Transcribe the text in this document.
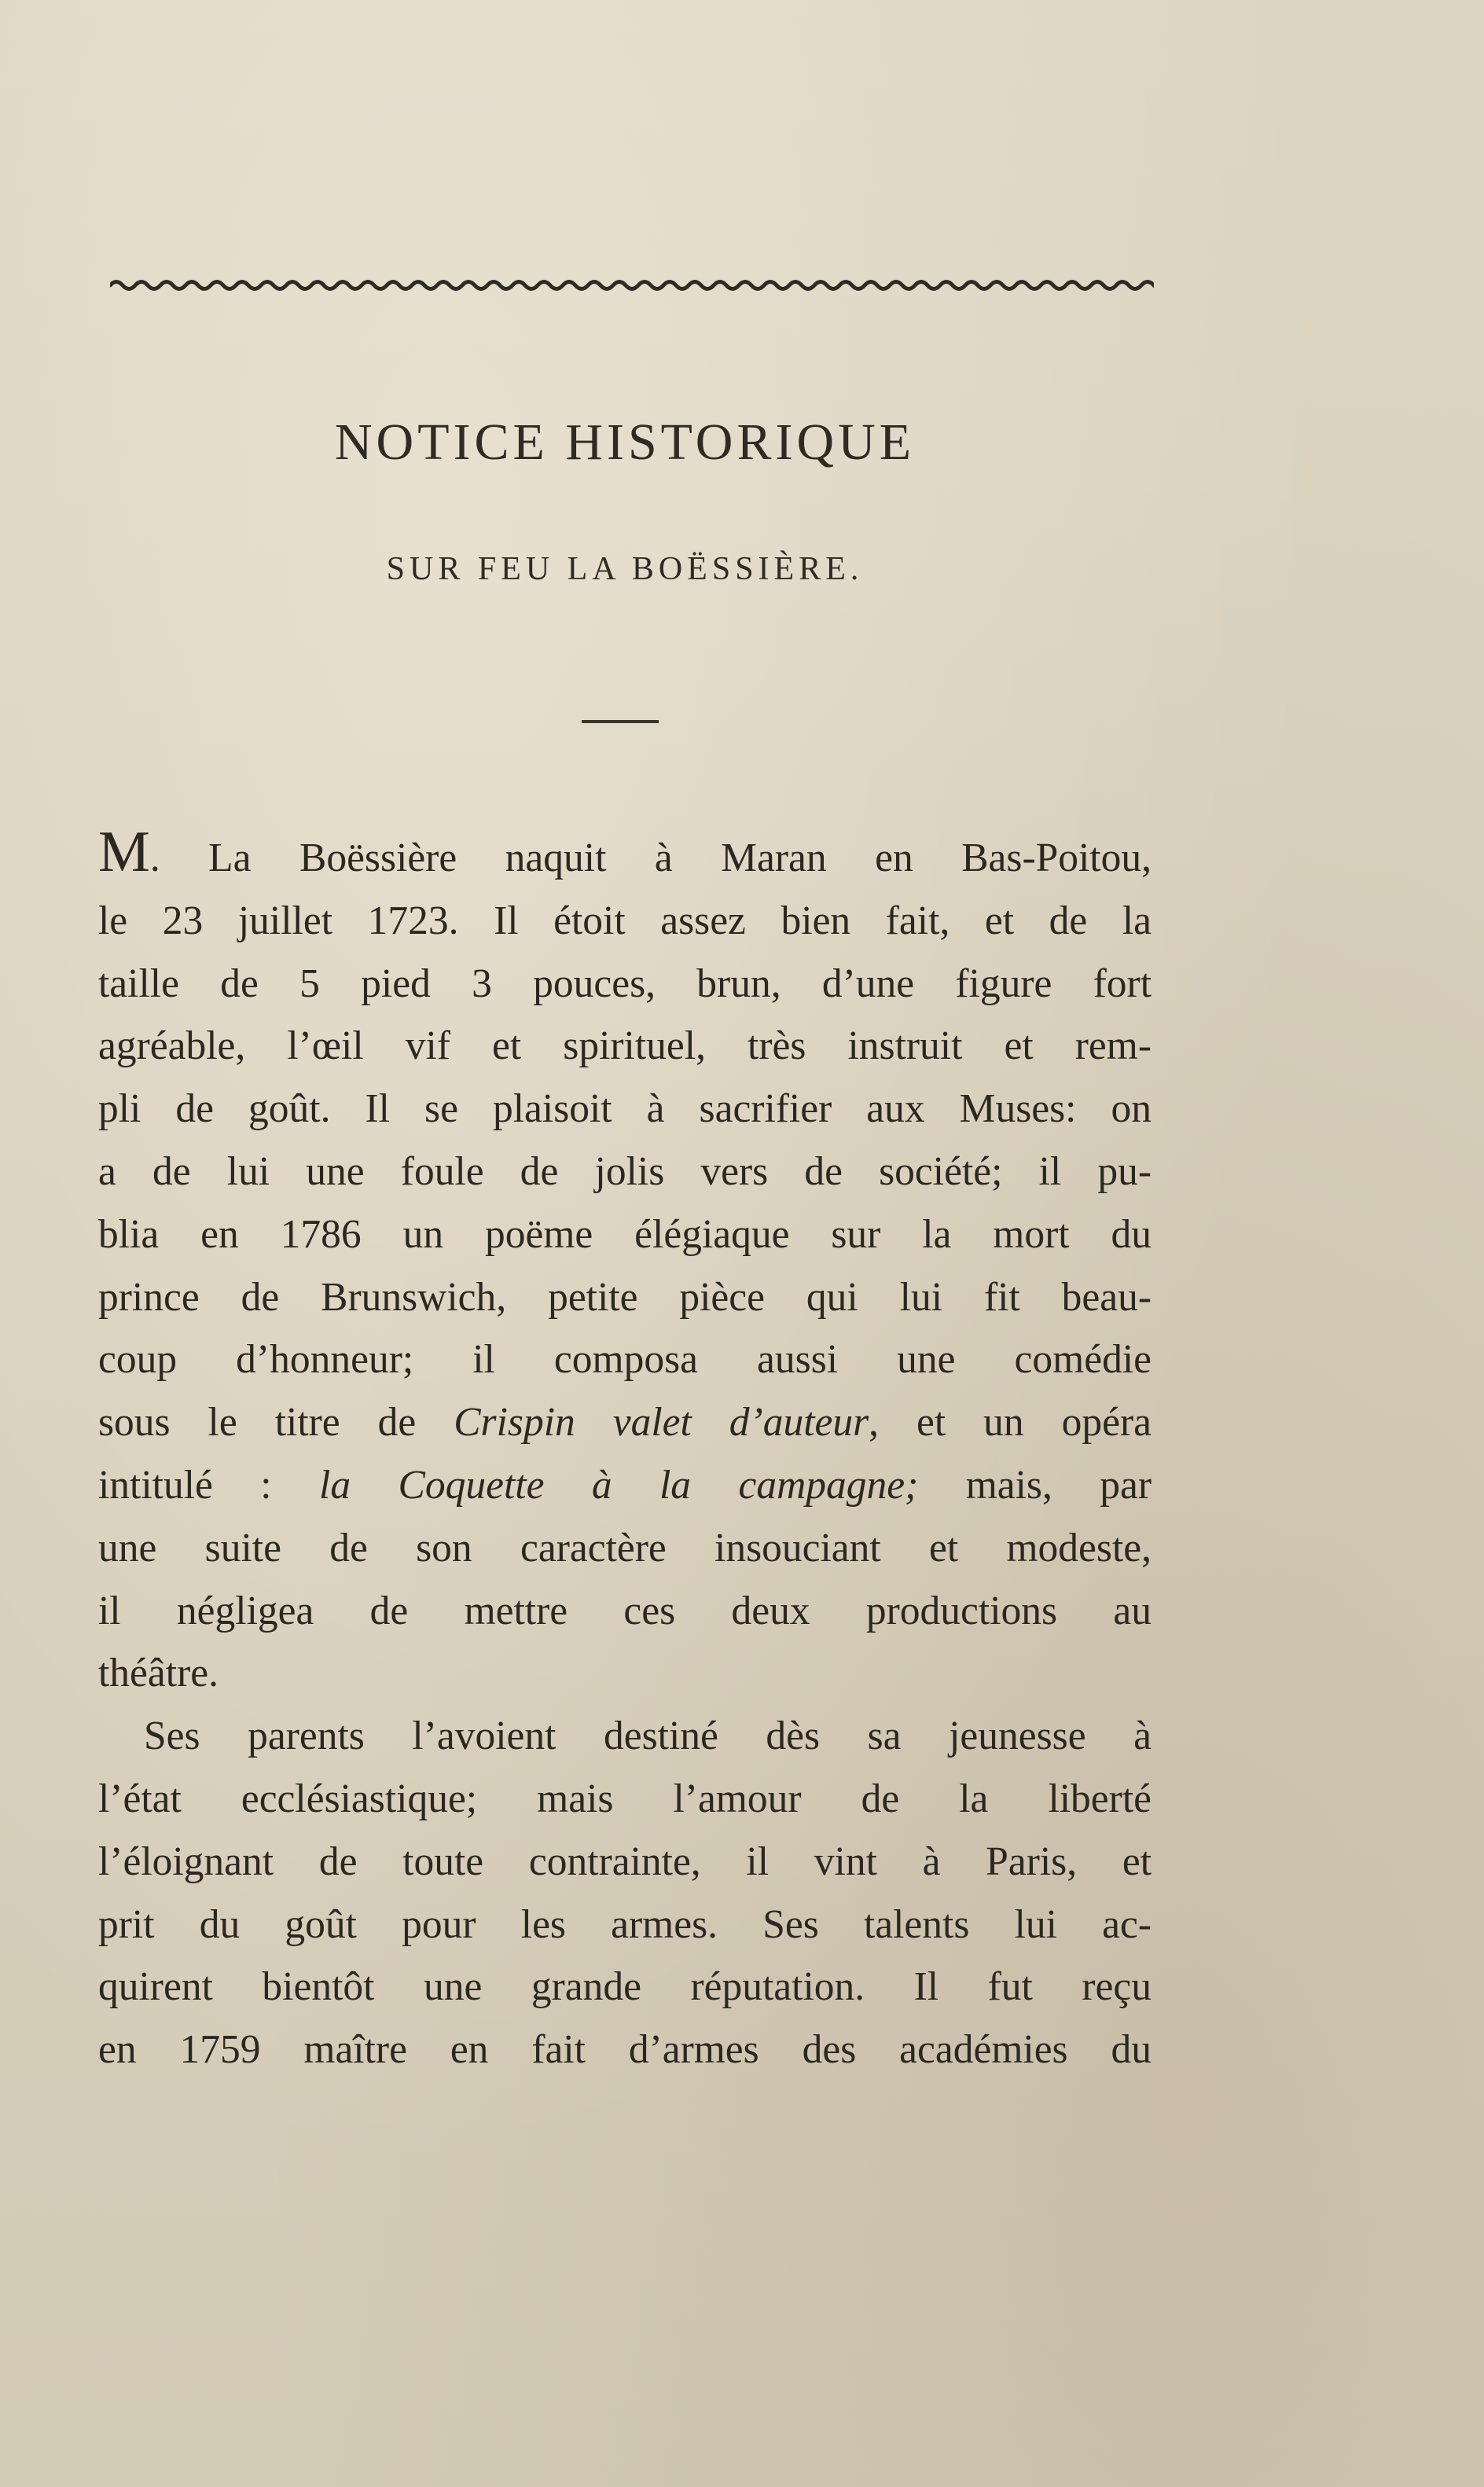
NOTICE HISTORIQUE
SUR FEU LA BOËSSIÈRE.
M. La Boëssière naquit à Maran en Bas-Poitou,
le 23 juillet 1723. Il étoit assez bien fait, et de la
taille de 5 pied 3 pouces, brun, d’une figure fort
agréable, l’œil vif et spirituel, très instruit et rem-
pli de goût. Il se plaisoit à sacrifier aux Muses: on
a de lui une foule de jolis vers de société; il pu-
blia en 1786 un poëme élégiaque sur la mort du
prince de Brunswich, petite pièce qui lui fit beau-
coup d’honneur; il composa aussi une comédie
sous le titre de Crispin valet d’auteur, et un opéra
intitulé : la Coquette à la campagne; mais, par
une suite de son caractère insouciant et modeste,
il négligea de mettre ces deux productions au
théâtre.
Ses parents l’avoient destiné dès sa jeunesse à
l’état ecclésiastique; mais l’amour de la liberté
l’éloignant de toute contrainte, il vint à Paris, et
prit du goût pour les armes. Ses talents lui ac-
quirent bientôt une grande réputation. Il fut reçu
en 1759 maître en fait d’armes des académies du
